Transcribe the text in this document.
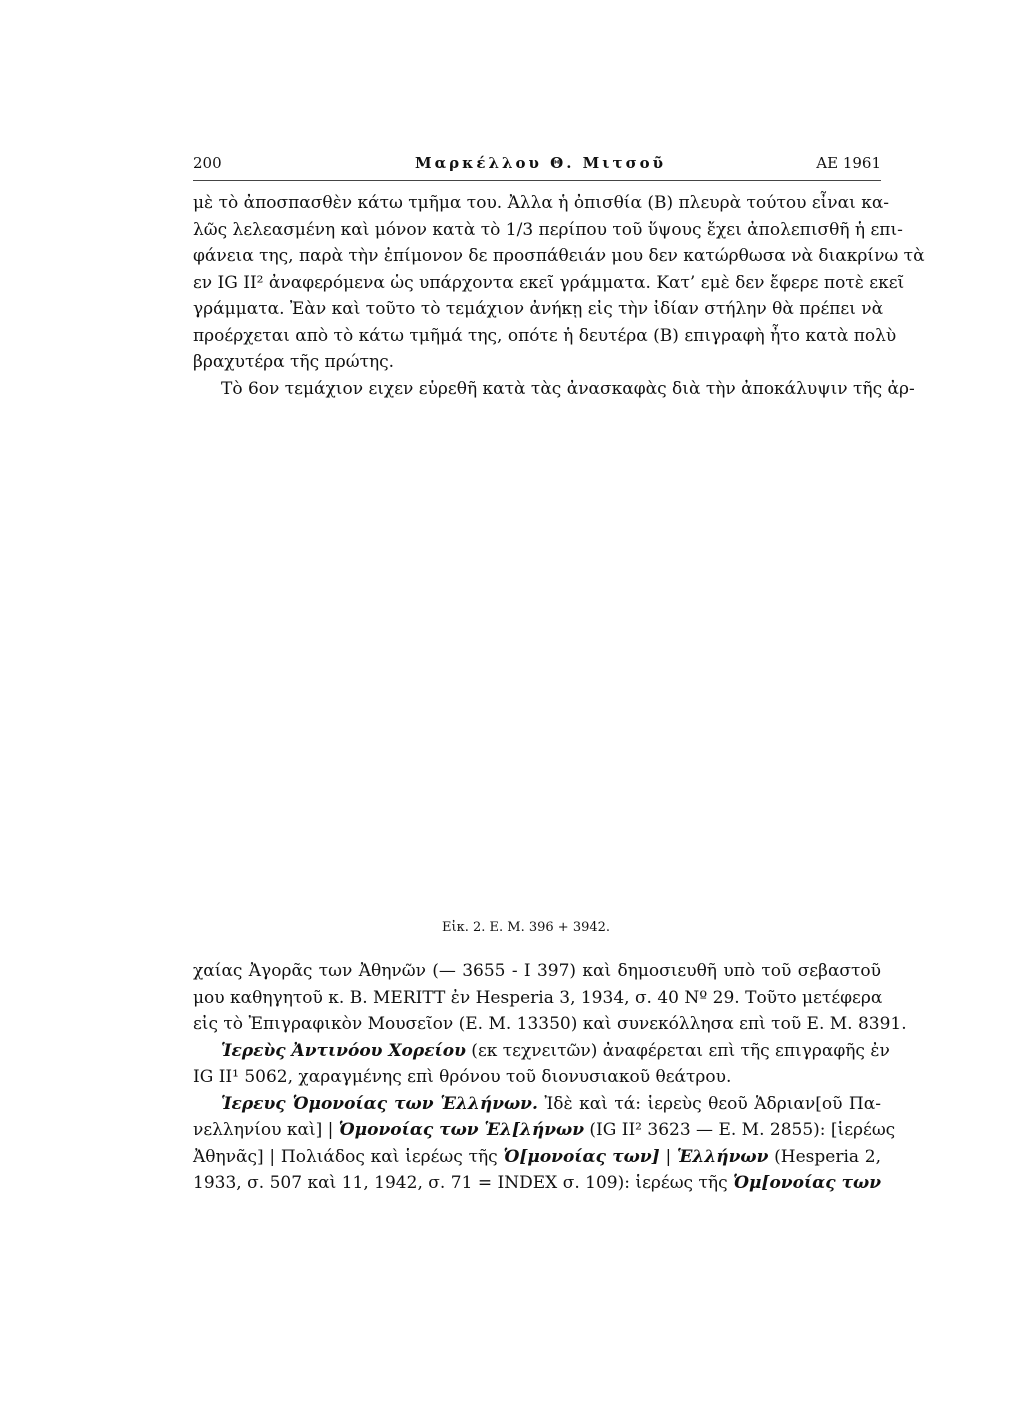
200	Μαρκέλλου Θ. Μιτσοῦ	ΑΕ 1961
μὲ τὸ ἀποσπασθὲν κάτω τμῆμα του. Ἀλλα ἡ ὀπισθία (Β) πλευρὰ τούτου εἶναι κα-
λῶς λελεασμένη καὶ μόνον κατὰ τὸ 1/3 περίπου τοῦ ὕψους ἔχει ἀπολεπισθῆ ἡ επι-
φάνεια της, παρὰ τὴν ἐπίμονον δε προσπάθειάν μου δεν κατώρθωσα νὰ διακρίνω τὰ
εν IG II² ἀναφερόμενα ὡς υπάρχοντα εκεῖ γράμματα. Κατ’ εμὲ δεν ἔφερε ποτὲ εκεῖ
γράμματα. Ἐὰν καὶ τοῦτο τὸ τεμάχιον ἀνήκῃ εἰς τὴν ἰδίαν στήλην θὰ πρέπει νὰ
προέρχεται απὸ τὸ κάτω τμῆμά της, οπότε ἡ δευτέρα (Β) επιγραφὴ ἦτο κατὰ πολὺ
βραχυτέρα τῆς πρώτης.
Τὸ 6ον τεμάχιον ειχεν εὑρεθῆ κατὰ τὰς ἀνασκαφὰς διὰ τὴν ἀποκάλυψιν τῆς ἀρ-
Εἰκ. 2. Ε. Μ. 396 + 3942.
χαίας Ἀγορᾶς των Ἀθηνῶν (— 3655 - Ι 397) καὶ δημοσιευθῆ υπὸ τοῦ σεβαστοῦ
μου καθηγητοῦ κ. Β. MERITT ἐν Hesperia 3, 1934, σ. 40 Nº 29. Τοῦτο μετέφερα
εἰς τὸ Ἐπιγραφικὸν Μουσεῖον (Ε. Μ. 13350) καὶ συνεκόλλησα επὶ τοῦ Ε. Μ. 8391.
Ἱερεὺς Ἀντινόου Χορείου (εκ τεχνειτῶν) ἀναφέρεται επὶ τῆς επιγραφῆς ἐν
IG II¹ 5062, χαραγμένης επὶ θρόνου τοῦ διονυσιακοῦ θεάτρου.
Ἱερευς Ὁμονοίας των Ἑλλήνων. Ἰδὲ καὶ τά: ἱερεὺς θεοῦ Ἁδριαν[οῦ Πα-
νελληνίου καὶ] | Ὁμονοίας των Ἑλ[λήνων (IG II² 3623 — Ε. Μ. 2855): [ἱερέως
Ἀθηνᾶς] | Πολιάδος καὶ ἱερέως τῆς Ὁ[μονοίας των] | Ἑλλήνων (Hesperia 2,
1933, σ. 507 καὶ 11, 1942, σ. 71 = INDEX σ. 109): ἱερέως τῆς Ὁμ[ονοίας των
